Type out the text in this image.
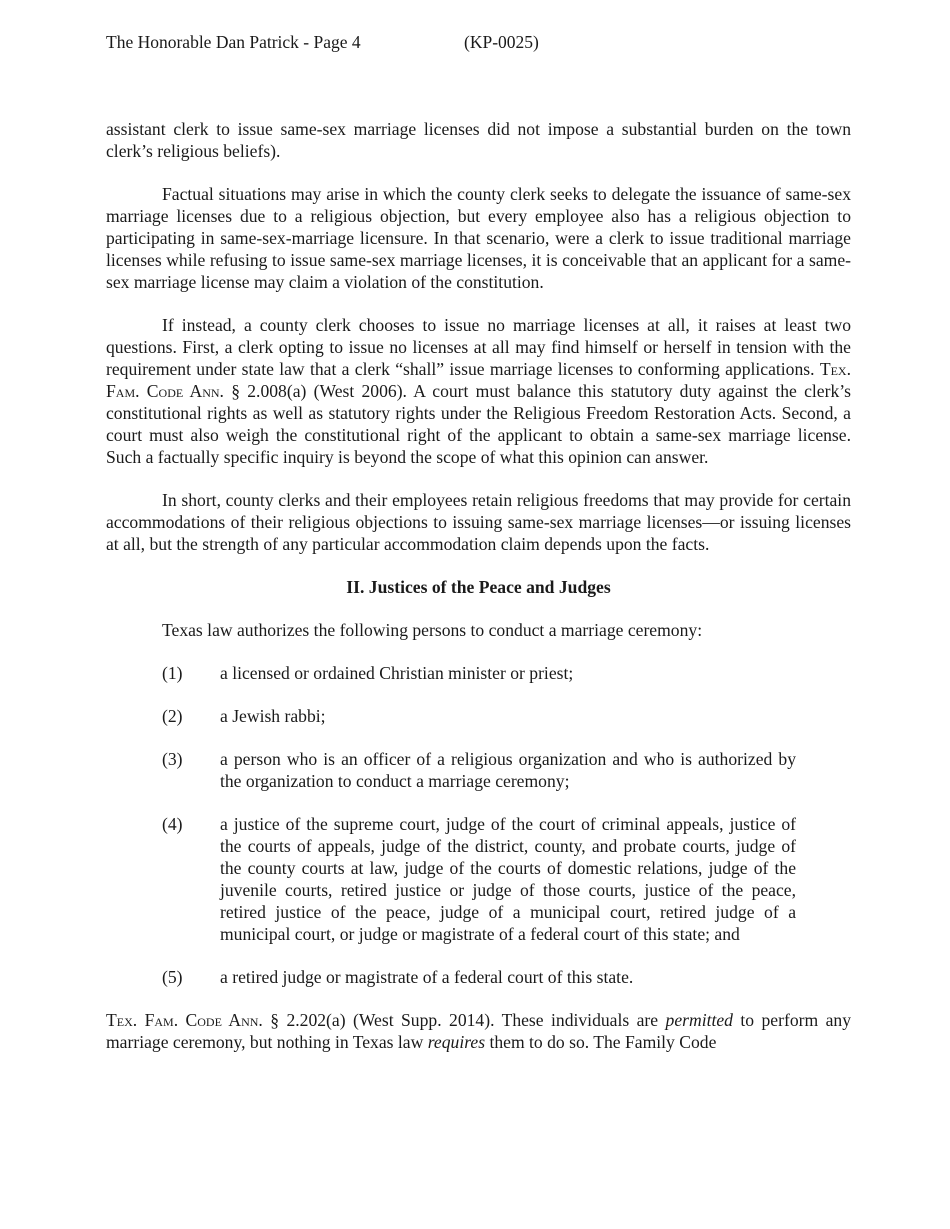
The Honorable Dan Patrick - Page 4	(KP-0025)

assistant clerk to issue same-sex marriage licenses did not impose a substantial burden on the town clerk’s religious beliefs).

Factual situations may arise in which the county clerk seeks to delegate the issuance of same-sex marriage licenses due to a religious objection, but every employee also has a religious objection to participating in same-sex-marriage licensure. In that scenario, were a clerk to issue traditional marriage licenses while refusing to issue same-sex marriage licenses, it is conceivable that an applicant for a same-sex marriage license may claim a violation of the constitution.

If instead, a county clerk chooses to issue no marriage licenses at all, it raises at least two questions. First, a clerk opting to issue no licenses at all may find himself or herself in tension with the requirement under state law that a clerk “shall” issue marriage licenses to conforming applications. Tex. Fam. Code Ann. § 2.008(a) (West 2006). A court must balance this statutory duty against the clerk’s constitutional rights as well as statutory rights under the Religious Freedom Restoration Acts. Second, a court must also weigh the constitutional right of the applicant to obtain a same-sex marriage license. Such a factually specific inquiry is beyond the scope of what this opinion can answer.

In short, county clerks and their employees retain religious freedoms that may provide for certain accommodations of their religious objections to issuing same-sex marriage licenses—or issuing licenses at all, but the strength of any particular accommodation claim depends upon the facts.

II. Justices of the Peace and Judges

Texas law authorizes the following persons to conduct a marriage ceremony:

(1)	a licensed or ordained Christian minister or priest;
(2)	a Jewish rabbi;
(3)	a person who is an officer of a religious organization and who is authorized by the organization to conduct a marriage ceremony;
(4)	a justice of the supreme court, judge of the court of criminal appeals, justice of the courts of appeals, judge of the district, county, and probate courts, judge of the county courts at law, judge of the courts of domestic relations, judge of the juvenile courts, retired justice or judge of those courts, justice of the peace, retired justice of the peace, judge of a municipal court, retired judge of a municipal court, or judge or magistrate of a federal court of this state; and
(5)	a retired judge or magistrate of a federal court of this state.

Tex. Fam. Code Ann. § 2.202(a) (West Supp. 2014). These individuals are permitted to perform any marriage ceremony, but nothing in Texas law requires them to do so. The Family Code
